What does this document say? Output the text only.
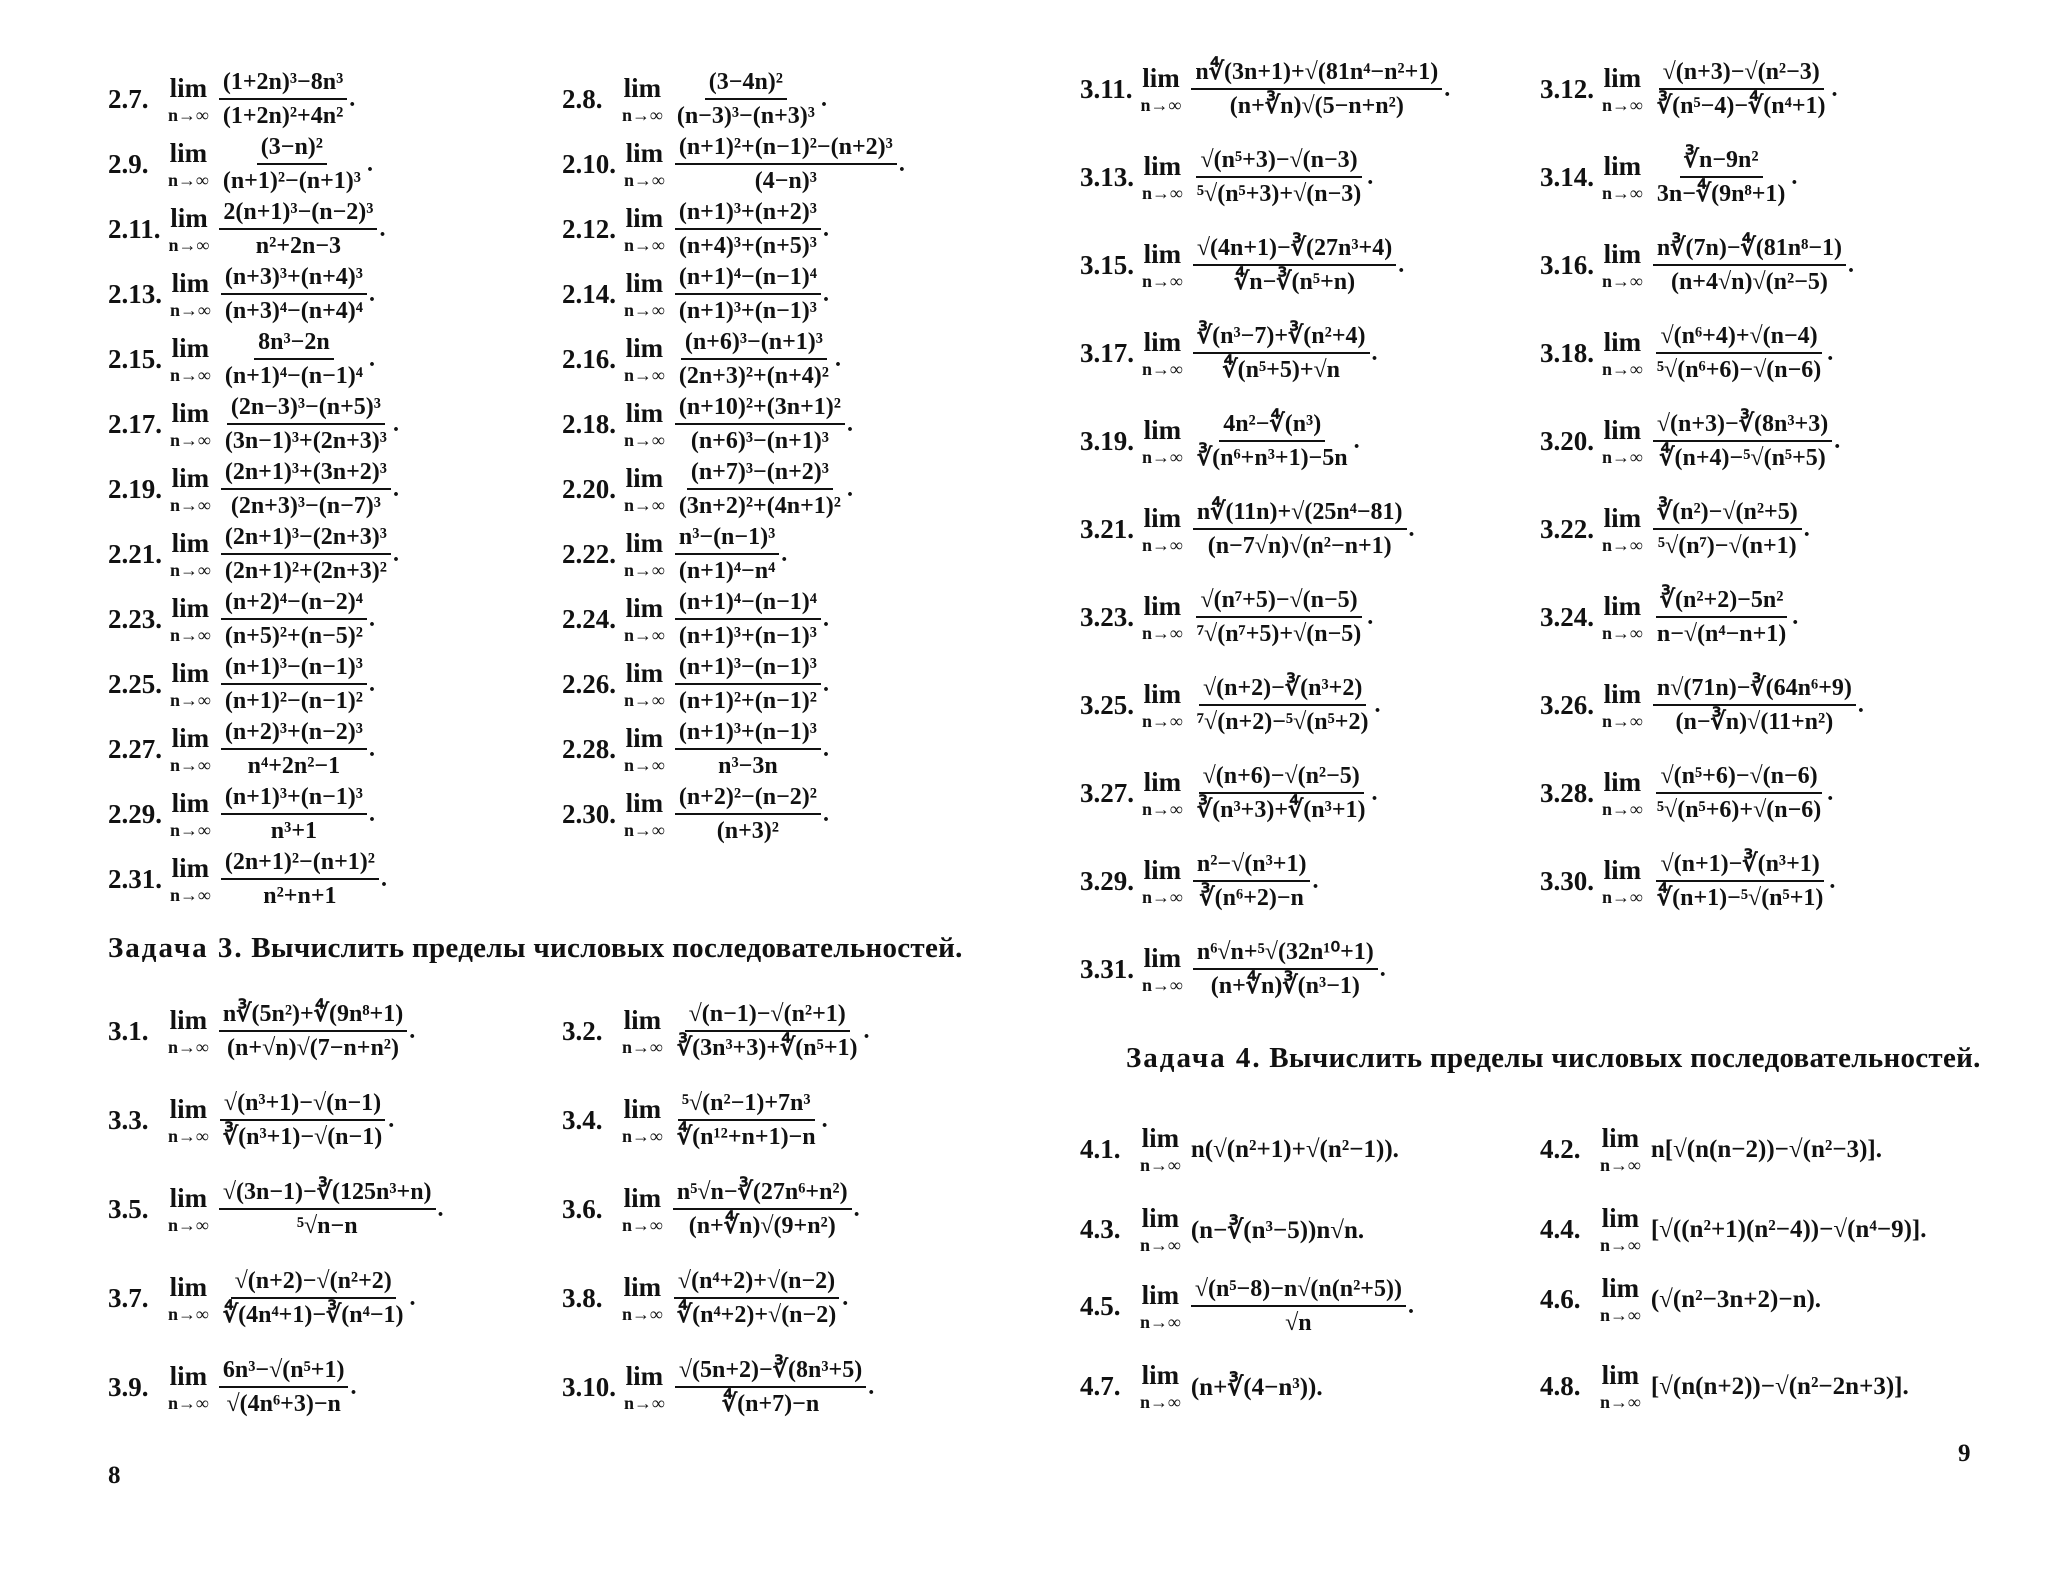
2.7. lim
$n\to\infty \frac{\text{(1+2n)³−8n³}}{\text{(1+2n)²+4n²}}$ .	2.8. lim
$n\to\infty \frac{\text{(3−4n)²}}{\text{(n−3)³−(n+3)³}}$ .
2.9. lim
$n\to\infty \frac{\text{(3−n)²}}{\text{(n+1)²−(n+1)³}}$ .	2.10. lim
$n\to\infty \frac{\text{(n+1)²+(n−1)²−(n+2)³}}{\text{(4−n)³}}$ .
2.11. lim
$n\to\infty \frac{\text{2(n+1)³−(n−2)³}}{\text{n²+2n−3}}$ .	2.12. lim
$n\to\infty \frac{\text{(n+1)³+(n+2)³}}{\text{(n+4)³+(n+5)³}}$ .
2.13. lim
$n\to\infty \frac{\text{(n+3)³+(n+4)³}}{\text{(n+3)⁴−(n+4)⁴}}$ .	2.14. lim
$n\to\infty \frac{\text{(n+1)⁴−(n−1)⁴}}{\text{(n+1)³+(n−1)³}}$ .
2.15. lim
$n\to\infty \frac{\text{8n³−2n}}{\text{(n+1)⁴−(n−1)⁴}}$ .	2.16. lim
$n\to\infty \frac{\text{(n+6)³−(n+1)³}}{\text{(2n+3)²+(n+4)²}}$ .
2.17. lim
$n\to\infty \frac{\text{(2n−3)³−(n+5)³}}{\text{(3n−1)³+(2n+3)³}}$ .	2.18. lim
$n\to\infty \frac{\text{(n+10)²+(3n+1)²}}{\text{(n+6)³−(n+1)³}}$ .
2.19. lim
$n\to\infty \frac{\text{(2n+1)³+(3n+2)³}}{\text{(2n+3)³−(n−7)³}}$ .	2.20. lim
$n\to\infty \frac{\text{(n+7)³−(n+2)³}}{\text{(3n+2)²+(4n+1)²}}$ .
2.21. lim
$n\to\infty \frac{\text{(2n+1)³−(2n+3)³}}{\text{(2n+1)²+(2n+3)²}}$ .	2.22. lim
$n\to\infty \frac{\text{n³−(n−1)³}}{\text{(n+1)⁴−n⁴}}$ .
2.23. lim
$n\to\infty \frac{\text{(n+2)⁴−(n−2)⁴}}{\text{(n+5)²+(n−5)²}}$ .	2.24. lim
$n\to\infty \frac{\text{(n+1)⁴−(n−1)⁴}}{\text{(n+1)³+(n−1)³}}$ .
2.25. lim
$n\to\infty \frac{\text{(n+1)³−(n−1)³}}{\text{(n+1)²−(n−1)²}}$ .	2.26. lim
$n\to\infty \frac{\text{(n+1)³−(n−1)³}}{\text{(n+1)²+(n−1)²}}$ .
2.27. lim
$n\to\infty \frac{\text{(n+2)³+(n−2)³}}{\text{n⁴+2n²−1}}$ .	2.28. lim
$n\to\infty \frac{\text{(n+1)³+(n−1)³}}{\text{n³−3n}}$ .
2.29. lim
$n\to\infty \frac{\text{(n+1)³+(n−1)³}}{\text{n³+1}}$ .	2.30. lim
$n\to\infty \frac{\text{(n+2)²−(n−2)²}}{\text{(n+3)²}}$ .
2.31. lim
$n\to\infty \frac{\text{(2n+1)²−(n+1)²}}{\text{n²+n+1}}$ .
Задача 3. Вычислить пределы числовых последовательностей.
3.1. lim
$n\to\infty \frac{\text{n∛(5n²)+∜(9n⁸+1)}}{\text{(n+√n)√(7−n+n²)}}$ .	3.2. lim
$n\to\infty \frac{\text{√(n−1)−√(n²+1)}}{\text{∛(3n³+3)+∜(n⁵+1)}}$ .
3.3. lim
$n\to\infty \frac{\text{√(n³+1)−√(n−1)}}{\text{∛(n³+1)−√(n−1)}}$ .	3.4. lim
$n\to\infty \frac{\text{⁵√(n²−1)+7n³}}{\text{∜(n¹²+n+1)−n}}$ .
3.5. lim
$n\to\infty \frac{\text{√(3n−1)−∛(125n³+n)}}{\text{⁵√n−n}}$ .	3.6. lim
$n\to\infty \frac{\text{n⁵√n−∛(27n⁶+n²)}}{\text{(n+∜n)√(9+n²)}}$ .
3.7. lim
$n\to\infty \frac{\text{√(n+2)−√(n²+2)}}{\text{∜(4n⁴+1)−∛(n⁴−1)}}$ .	3.8. lim
$n\to\infty \frac{\text{√(n⁴+2)+√(n−2)}}{\text{∜(n⁴+2)+√(n−2)}}$ .
3.9. lim
$n\to\infty \frac{\text{6n³−√(n⁵+1)}}{\text{√(4n⁶+3)−n}}$ .	3.10. lim
$n\to\infty \frac{\text{√(5n+2)−∛(8n³+5)}}{∜(n+7)-n}$ .
8
3.11. lim
$n\to\infty \frac{\text{n∜(3n+1)+√(81n⁴−n²+1)}}{\text{(n+∛n)√(5−n+n²)}}$ .	3.12. lim
$n\to\infty \frac{\text{√(n+3)−√(n²−3)}}{\text{∛(n⁵−4)−∜(n⁴+1)}}$ .
3.13. lim
$n\to\infty \frac{\text{√(n⁵+3)−√(n−3)}}{\text{⁵√(n⁵+3)+√(n−3)}}$ .	3.14. lim
$n\to\infty \frac{\text{∛n−9n²}}{\text{3n−∜(9n⁸+1)}}$ .
3.15. lim
$n\to\infty \frac{\text{√(4n+1)−∛(27n³+4)}}{\text{∜n−∛(n⁵+n)}}$ .	3.16. lim
$n\to\infty \frac{\text{n∛(7n)−∜(81n⁸−1)}}{\text{(n+4√n)√(n²−5)}}$ .
3.17. lim
$n\to\infty \frac{\text{∛(n³−7)+∛(n²+4)}}{\text{∜(n⁵+5)+√n}}$ .	3.18. lim
$n\to\infty \frac{\text{√(n⁶+4)+√(n−4)}}{\text{⁵√(n⁶+6)−√(n−6)}}$ .
3.19. lim
$n\to\infty \frac{\text{4n²−∜(n³)}}{\text{∛(n⁶+n³+1)−5n}}$ .	3.20. lim
$n\to\infty \frac{\text{√(n+3)−∛(8n³+3)}}{\text{∜(n+4)−⁵√(n⁵+5)}}$ .
3.21. lim
$n\to\infty \frac{\text{n∜(11n)+√(25n⁴−81)}}{\text{(n−7√n)√(n²−n+1)}}$ .	3.22. lim
$n\to\infty \frac{\text{∛(n²)−√(n²+5)}}{\text{⁵√(n⁷)−√(n+1)}}$ .
3.23. lim
$n\to\infty \frac{\text{√(n⁷+5)−√(n−5)}}{\text{⁷√(n⁷+5)+√(n−5)}}$ .	3.24. lim
$n\to\infty \frac{\text{∛(n²+2)−5n²}}{\text{n−√(n⁴−n+1)}}$ .
3.25. lim
$n\to\infty \frac{\text{√(n+2)−∛(n³+2)}}{\text{⁷√(n+2)−⁵√(n⁵+2)}}$ .	3.26. lim
$n\to\infty \frac{\text{n√(71n)−∛(64n⁶+9)}}{\text{(n−∛n)√(11+n²)}}$ .
3.27. lim
$n\to\infty \frac{\text{√(n+6)−√(n²−5)}}{\text{∛(n³+3)+∜(n³+1)}}$ .	3.28. lim
$n\to\infty \frac{\text{√(n⁵+6)−√(n−6)}}{\text{⁵√(n⁵+6)+√(n−6)}}$ .
3.29. lim
$n\to\infty \frac{\text{n²−√(n³+1)}}{\text{∛(n⁶+2)−n}}$ .	3.30. lim
$n\to\infty \frac{\text{√(n+1)−∛(n³+1)}}{\text{∜(n+1)−⁵√(n⁵+1)}}$ .
3.31. lim
$n\to\infty \frac{\text{n⁶√n+⁵√(32n¹⁰+1)}}{\text{(n+∜n)∛(n³−1)}}$ .
Задача 4. Вычислить пределы числовых последовательностей.
4.1. lim
n→∞
n(√(n²+1)+√(n²−1)).	4.2. lim
n→∞
n[√(n(n−2))−√(n²−3)].
4.3. lim
n→∞
(n−∛(n³−5))n√n.	4.4. lim
n→∞
[√((n²+1)(n²−4))−√(n⁴−9)].
4.5. lim
$n\to\infty \frac{\text{√(n⁵−8)−n√(n(n²+5))}}{√n}$ .	4.6. lim
n→∞
(√(n²−3n+2)−n).
4.7. lim
n→∞
(n+∛(4−n³)).	4.8. lim
n→∞
[√(n(n+2))−√(n²−2n+3)].
9
